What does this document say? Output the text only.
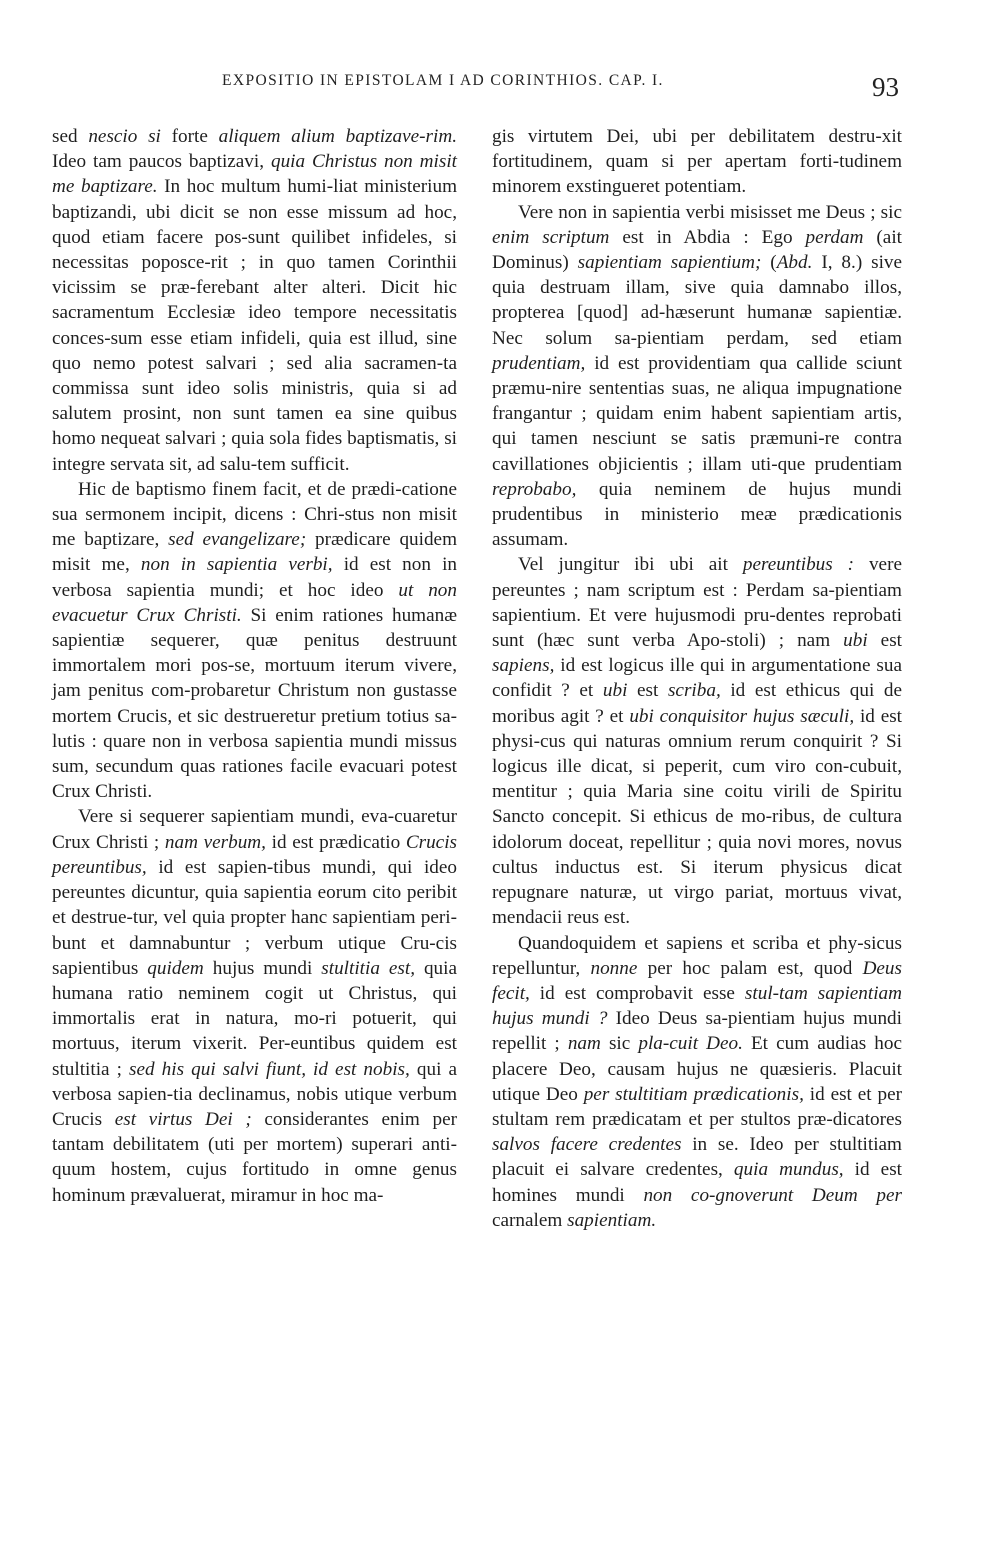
EXPOSITIO IN EPISTOLAM I AD CORINTHIOS. CAP. I.	93

sed nescio si forte aliquem alium baptizave-rim. Ideo tam paucos baptizavi, quia Christus non misit me baptizare. In hoc multum humi-liat ministerium baptizandi, ubi dicit se non esse missum ad hoc, quod etiam facere pos-sunt quilibet infideles, si necessitas poposce-rit ; in quo tamen Corinthii vicissim se præ-ferebant alter alteri. Dicit hic sacramentum Ecclesiæ ideo tempore necessitatis conces-sum esse etiam infideli, quia est illud, sine quo nemo potest salvari ; sed alia sacramen-ta commissa sunt ideo solis ministris, quia si ad salutem prosint, non sunt tamen ea sine quibus homo nequeat salvari ; quia sola fides baptismatis, si integre servata sit, ad salu-tem sufficit.

Hic de baptismo finem facit, et de prædi-catione sua sermonem incipit, dicens : Chri-stus non misit me baptizare, sed evangelizare; prædicare quidem misit me, non in sapientia verbi, id est non in verbosa sapientia mundi; et hoc ideo ut non evacuetur Crux Christi. Si enim rationes humanæ sapientiæ sequerer, quæ penitus destruunt immortalem mori pos-se, mortuum iterum vivere, jam penitus com-probaretur Christum non gustasse mortem Crucis, et sic destrueretur pretium totius sa-lutis : quare non in verbosa sapientia mundi missus sum, secundum quas rationes facile evacuari potest Crux Christi.

Vere si sequerer sapientiam mundi, eva-cuaretur Crux Christi ; nam verbum, id est prædicatio Crucis pereuntibus, id est sapien-tibus mundi, qui ideo pereuntes dicuntur, quia sapientia eorum cito peribit et destrue-tur, vel quia propter hanc sapientiam peri-bunt et damnabuntur ; verbum utique Cru-cis sapientibus quidem hujus mundi stultitia est, quia humana ratio neminem cogit ut Christus, qui immortalis erat in natura, mo-ri potuerit, qui mortuus, iterum vixerit. Per-euntibus quidem est stultitia ; sed his qui salvi fiunt, id est nobis, qui a verbosa sapien-tia declinamus, nobis utique verbum Crucis est virtus Dei ; considerantes enim per tantam debilitatem (uti per mortem) superari anti-quum hostem, cujus fortitudo in omne genus hominum prævaluerat, miramur in hoc ma-

gis virtutem Dei, ubi per debilitatem destru-xit fortitudinem, quam si per apertam forti-tudinem minorem exstingueret potentiam.

Vere non in sapientia verbi misisset me Deus ; sic enim scriptum est in Abdia : Ego perdam (ait Dominus) sapientiam sapientium; (Abd. I, 8.) sive quia destruam illam, sive quia damnabo illos, propterea [quod] ad-hæserunt humanæ sapientiæ. Nec solum sa-pientiam perdam, sed etiam prudentiam, id est providentiam qua callide sciunt præmu-nire sententias suas, ne aliqua impugnatione frangantur ; quidam enim habent sapientiam artis, qui tamen nesciunt se satis præmuni-re contra cavillationes objicientis ; illam uti-que prudentiam reprobabo, quia neminem de hujus mundi prudentibus in ministerio meæ prædicationis assumam.

Vel jungitur ibi ubi ait pereuntibus : vere pereuntes ; nam scriptum est : Perdam sa-pientiam sapientium. Et vere hujusmodi pru-dentes reprobati sunt (hæc sunt verba Apo-stoli) ; nam ubi est sapiens, id est logicus ille qui in argumentatione sua confidit ? et ubi est scriba, id est ethicus qui de moribus agit ? et ubi conquisitor hujus sæculi, id est physi-cus qui naturas omnium rerum conquirit ? Si logicus ille dicat, si peperit, cum viro con-cubuit, mentitur ; quia Maria sine coitu virili de Spiritu Sancto concepit. Si ethicus de mo-ribus, de cultura idolorum doceat, repellitur ; quia novi mores, novus cultus inductus est. Si iterum physicus dicat repugnare naturæ, ut virgo pariat, mortuus vivat, mendacii reus est.

Quandoquidem et sapiens et scriba et phy-sicus repelluntur, nonne per hoc palam est, quod Deus fecit, id est comprobavit esse stul-tam sapientiam hujus mundi ? Ideo Deus sa-pientiam hujus mundi repellit ; nam sic pla-cuit Deo. Et cum audias hoc placere Deo, causam hujus ne quæsieris. Placuit utique Deo per stultitiam prædicationis, id est et per stultam rem prædicatam et per stultos præ-dicatores salvos facere credentes in se. Ideo per stultitiam placuit ei salvare credentes, quia mundus, id est homines mundi non co-gnoverunt Deum per carnalem sapientiam.
